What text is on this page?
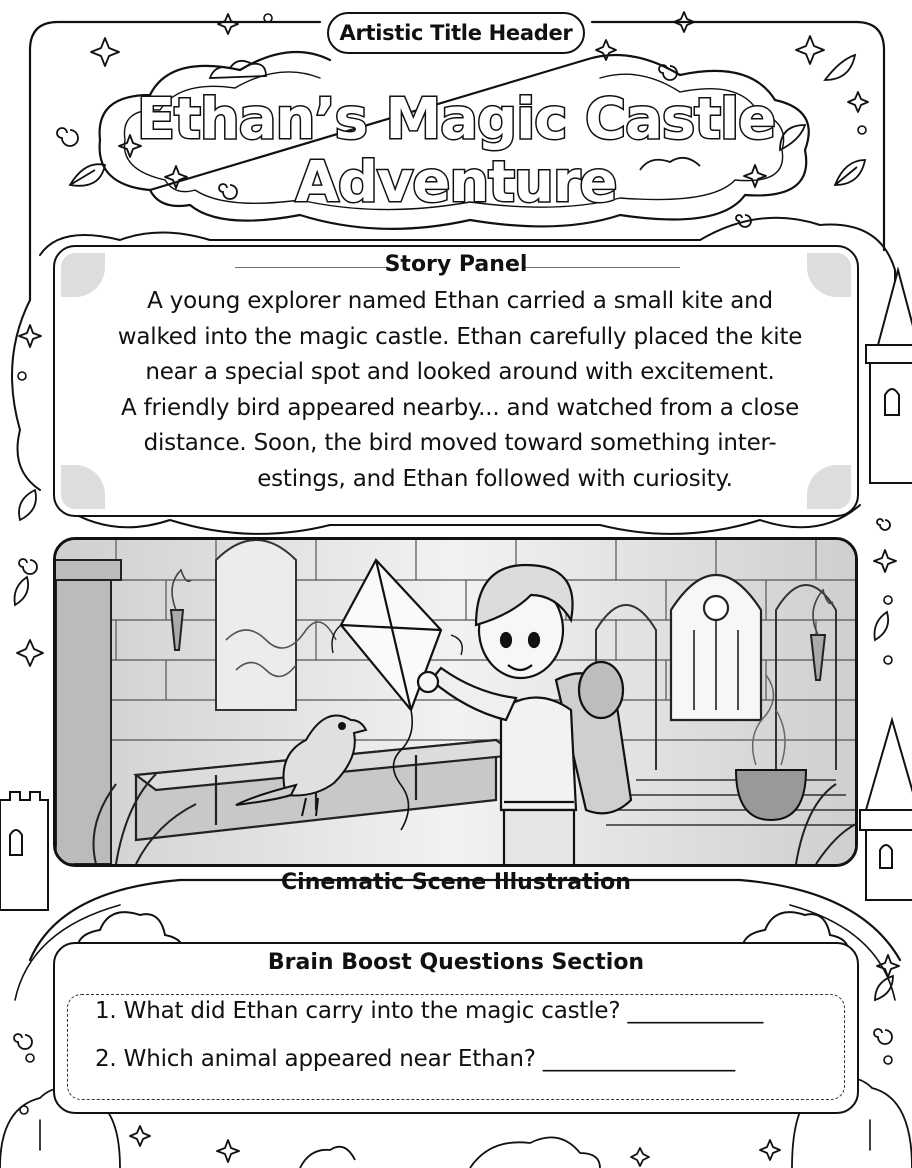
Artistic Title Header
Ethan’s Magic Castle
Adventure
Story Panel
A young explorer named Ethan carried a small kite and
walked into the magic castle. Ethan carefully placed the kite
near a special spot and looked around with excitement.
A friendly bird appeared nearby... and watched from a close
distance. Soon, the bird moved toward something inter-
estings, and Ethan followed with curiosity.
Cinematic Scene Illustration
Brain Boost Questions Section
1. What did Ethan carry into the magic castle? ____________
2. Which animal appeared near Ethan? _________________
